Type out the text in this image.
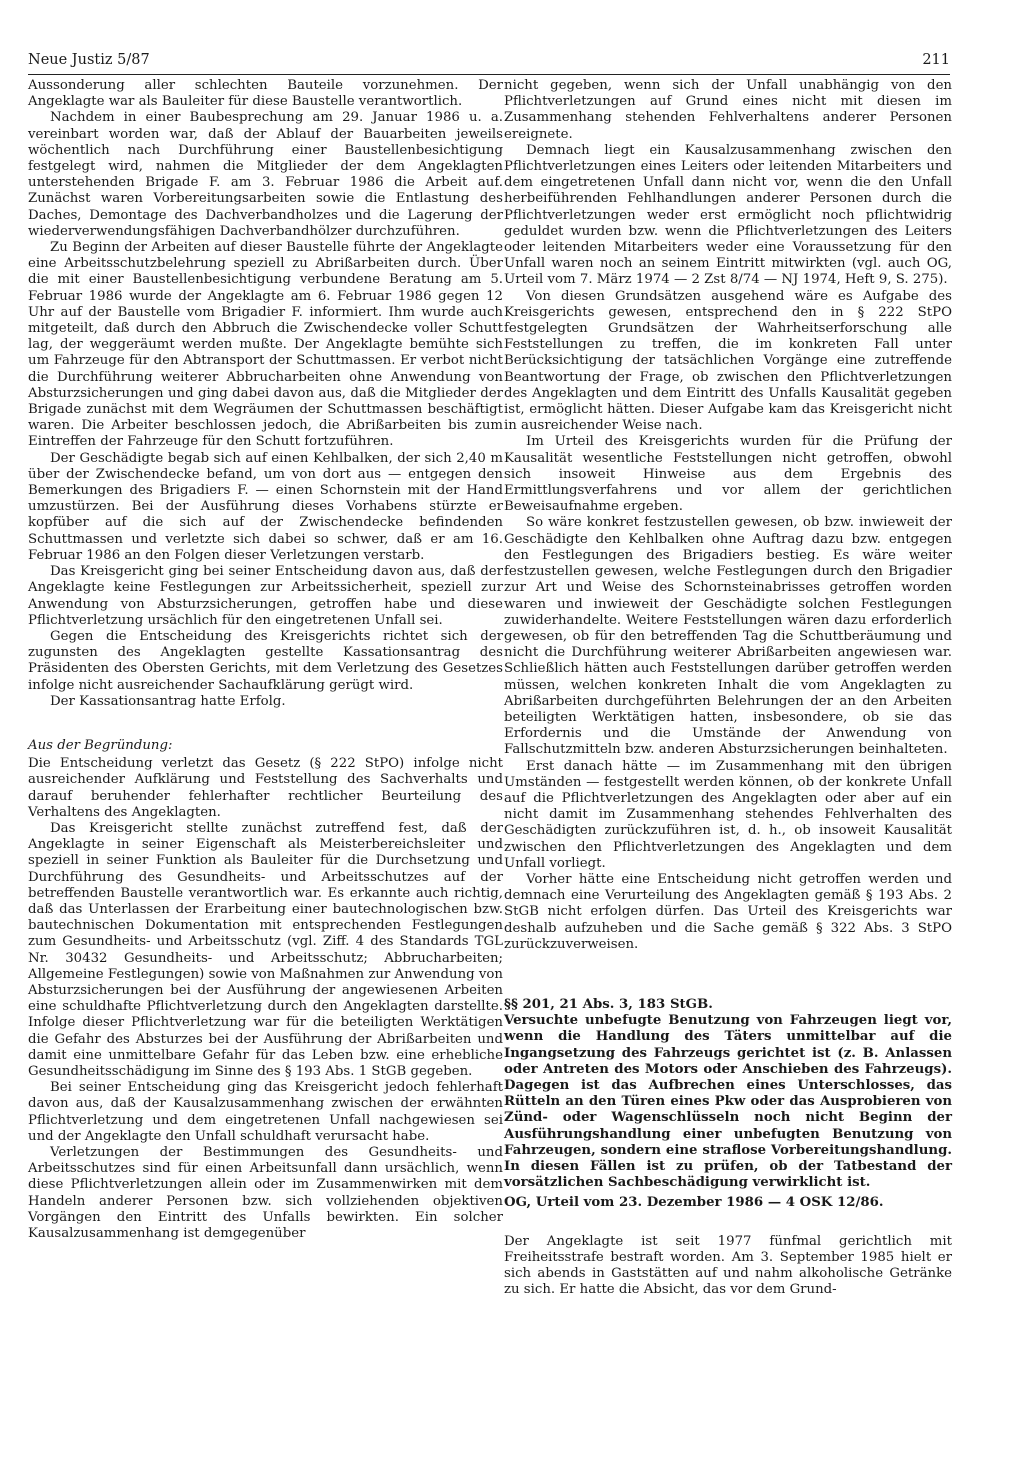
Neue Justiz 5/87	211

Aussonderung aller schlechten Bauteile vorzunehmen. Der Angeklagte war als Bauleiter für diese Baustelle verantwortlich.

Nachdem in einer Baubesprechung am 29. Januar 1986 u. a. vereinbart worden war, daß der Ablauf der Bauarbeiten jeweils wöchentlich nach Durchführung einer Baustellenbesichtigung festgelegt wird, nahmen die Mitglieder der dem Angeklagten unterstehenden Brigade F. am 3. Februar 1986 die Arbeit auf. Zunächst waren Vorbereitungsarbeiten sowie die Entlastung des Daches, Demontage des Dachverbandholzes und die Lagerung der wiederverwendungsfähigen Dachverbandhölzer durchzuführen.

Zu Beginn der Arbeiten auf dieser Baustelle führte der Angeklagte eine Arbeitsschutzbelehrung speziell zu Abrißarbeiten durch. Über die mit einer Baustellenbesichtigung verbundene Beratung am 5. Februar 1986 wurde der Angeklagte am 6. Februar 1986 gegen 12 Uhr auf der Baustelle vom Brigadier F. informiert. Ihm wurde auch mitgeteilt, daß durch den Abbruch die Zwischendecke voller Schutt lag, der weggeräumt werden mußte. Der Angeklagte bemühte sich um Fahrzeuge für den Abtransport der Schuttmassen. Er verbot nicht die Durchführung weiterer Abbrucharbeiten ohne Anwendung von Absturzsicherungen und ging dabei davon aus, daß die Mitglieder der Brigade zunächst mit dem Wegräumen der Schuttmassen beschäftigt waren. Die Arbeiter beschlossen jedoch, die Abrißarbeiten bis zum Eintreffen der Fahrzeuge für den Schutt fortzuführen.

Der Geschädigte begab sich auf einen Kehlbalken, der sich 2,40 m über der Zwischendecke befand, um von dort aus — entgegen den Bemerkungen des Brigadiers F. — einen Schornstein mit der Hand umzustürzen. Bei der Ausführung dieses Vorhabens stürzte er kopfüber auf die sich auf der Zwischendecke befindenden Schuttmassen und verletzte sich dabei so schwer, daß er am 16. Februar 1986 an den Folgen dieser Verletzungen verstarb.

Das Kreisgericht ging bei seiner Entscheidung davon aus, daß der Angeklagte keine Festlegungen zur Arbeitssicherheit, speziell zur Anwendung von Absturzsicherungen, getroffen habe und diese Pflichtverletzung ursächlich für den eingetretenen Unfall sei.

Gegen die Entscheidung des Kreisgerichts richtet sich der zugunsten des Angeklagten gestellte Kassationsantrag des Präsidenten des Obersten Gerichts, mit dem Verletzung des Gesetzes infolge nicht ausreichender Sachaufklärung gerügt wird.

Der Kassationsantrag hatte Erfolg.

Aus der Begründung:

Die Entscheidung verletzt das Gesetz (§ 222 StPO) infolge nicht ausreichender Aufklärung und Feststellung des Sachverhalts und darauf beruhender fehlerhafter rechtlicher Beurteilung des Verhaltens des Angeklagten.

Das Kreisgericht stellte zunächst zutreffend fest, daß der Angeklagte in seiner Eigenschaft als Meisterbereichsleiter und speziell in seiner Funktion als Bauleiter für die Durchsetzung und Durchführung des Gesundheits- und Arbeitsschutzes auf der betreffenden Baustelle verantwortlich war. Es erkannte auch richtig, daß das Unterlassen der Erarbeitung einer bautechnologischen bzw. bautechnischen Dokumentation mit entsprechenden Festlegungen zum Gesundheits- und Arbeitsschutz (vgl. Ziff. 4 des Standards TGL Nr. 30432 Gesundheits- und Arbeitsschutz; Abbrucharbeiten; Allgemeine Festlegungen) sowie von Maßnahmen zur Anwendung von Absturzsicherungen bei der Ausführung der angewiesenen Arbeiten eine schuldhafte Pflichtverletzung durch den Angeklagten darstellte. Infolge dieser Pflichtverletzung war für die beteiligten Werktätigen die Gefahr des Absturzes bei der Ausführung der Abrißarbeiten und damit eine unmittelbare Gefahr für das Leben bzw. eine erhebliche Gesundheitsschädigung im Sinne des § 193 Abs. 1 StGB gegeben.

Bei seiner Entscheidung ging das Kreisgericht jedoch fehlerhaft davon aus, daß der Kausalzusammenhang zwischen der erwähnten Pflichtverletzung und dem eingetretenen Unfall nachgewiesen sei und der Angeklagte den Unfall schuldhaft verursacht habe.

Verletzungen der Bestimmungen des Gesundheits- und Arbeitsschutzes sind für einen Arbeitsunfall dann ursächlich, wenn diese Pflichtverletzungen allein oder im Zusammenwirken mit dem Handeln anderer Personen bzw. sich vollziehenden objektiven Vorgängen den Eintritt des Unfalls bewirkten. Ein solcher Kausalzusammenhang ist demgegenüber

nicht gegeben, wenn sich der Unfall unabhängig von den Pflichtverletzungen auf Grund eines nicht mit diesen im Zusammenhang stehenden Fehlverhaltens anderer Personen ereignete.

Demnach liegt ein Kausalzusammenhang zwischen den Pflichtverletzungen eines Leiters oder leitenden Mitarbeiters und dem eingetretenen Unfall dann nicht vor, wenn die den Unfall herbeiführenden Fehlhandlungen anderer Personen durch die Pflichtverletzungen weder erst ermöglicht noch pflichtwidrig geduldet wurden bzw. wenn die Pflichtverletzungen des Leiters oder leitenden Mitarbeiters weder eine Voraussetzung für den Unfall waren noch an seinem Eintritt mitwirkten (vgl. auch OG, Urteil vom 7. März 1974 — 2 Zst 8/74 — NJ 1974, Heft 9, S. 275).

Von diesen Grundsätzen ausgehend wäre es Aufgabe des Kreisgerichts gewesen, entsprechend den in § 222 StPO festgelegten Grundsätzen der Wahrheitserforschung alle Feststellungen zu treffen, die im konkreten Fall unter Berücksichtigung der tatsächlichen Vorgänge eine zutreffende Beantwortung der Frage, ob zwischen den Pflichtverletzungen des Angeklagten und dem Eintritt des Unfalls Kausalität gegeben ist, ermöglicht hätten. Dieser Aufgabe kam das Kreisgericht nicht in ausreichender Weise nach.

Im Urteil des Kreisgerichts wurden für die Prüfung der Kausalität wesentliche Feststellungen nicht getroffen, obwohl sich insoweit Hinweise aus dem Ergebnis des Ermittlungsverfahrens und vor allem der gerichtlichen Beweisaufnahme ergeben.

So wäre konkret festzustellen gewesen, ob bzw. inwieweit der Geschädigte den Kehlbalken ohne Auftrag dazu bzw. entgegen den Festlegungen des Brigadiers bestieg. Es wäre weiter festzustellen gewesen, welche Festlegungen durch den Brigadier zur Art und Weise des Schornsteinabrisses getroffen worden waren und inwieweit der Geschädigte solchen Festlegungen zuwiderhandelte. Weitere Feststellungen wären dazu erforderlich gewesen, ob für den betreffenden Tag die Schuttberäumung und nicht die Durchführung weiterer Abrißarbeiten angewiesen war. Schließlich hätten auch Feststellungen darüber getroffen werden müssen, welchen konkreten Inhalt die vom Angeklagten zu Abrißarbeiten durchgeführten Belehrungen der an den Arbeiten beteiligten Werktätigen hatten, insbesondere, ob sie das Erfordernis und die Umstände der Anwendung von Fallschutzmitteln bzw. anderen Absturzsicherungen beinhalteten.

Erst danach hätte — im Zusammenhang mit den übrigen Umständen — festgestellt werden können, ob der konkrete Unfall auf die Pflichtverletzungen des Angeklagten oder aber auf ein nicht damit im Zusammenhang stehendes Fehlverhalten des Geschädigten zurückzuführen ist, d. h., ob insoweit Kausalität zwischen den Pflichtverletzungen des Angeklagten und dem Unfall vorliegt.

Vorher hätte eine Entscheidung nicht getroffen werden und demnach eine Verurteilung des Angeklagten gemäß § 193 Abs. 2 StGB nicht erfolgen dürfen. Das Urteil des Kreisgerichts war deshalb aufzuheben und die Sache gemäß § 322 Abs. 3 StPO zurückzuverweisen.

§§ 201, 21 Abs. 3, 183 StGB.

Versuchte unbefugte Benutzung von Fahrzeugen liegt vor, wenn die Handlung des Täters unmittelbar auf die Ingangsetzung des Fahrzeugs gerichtet ist (z. B. Anlassen oder Antreten des Motors oder Anschieben des Fahrzeugs). Dagegen ist das Aufbrechen eines Unterschlosses, das Rütteln an den Türen eines Pkw oder das Ausprobieren von Zünd- oder Wagenschlüsseln noch nicht Beginn der Ausführungshandlung einer unbefugten Benutzung von Fahrzeugen, sondern eine straflose Vorbereitungshandlung. In diesen Fällen ist zu prüfen, ob der Tatbestand der vorsätzlichen Sachbeschädigung verwirklicht ist.

OG, Urteil vom 23. Dezember 1986 — 4 OSK 12/86.

Der Angeklagte ist seit 1977 fünfmal gerichtlich mit Freiheitsstrafe bestraft worden. Am 3. September 1985 hielt er sich abends in Gaststätten auf und nahm alkoholische Getränke zu sich. Er hatte die Absicht, das vor dem Grund-
